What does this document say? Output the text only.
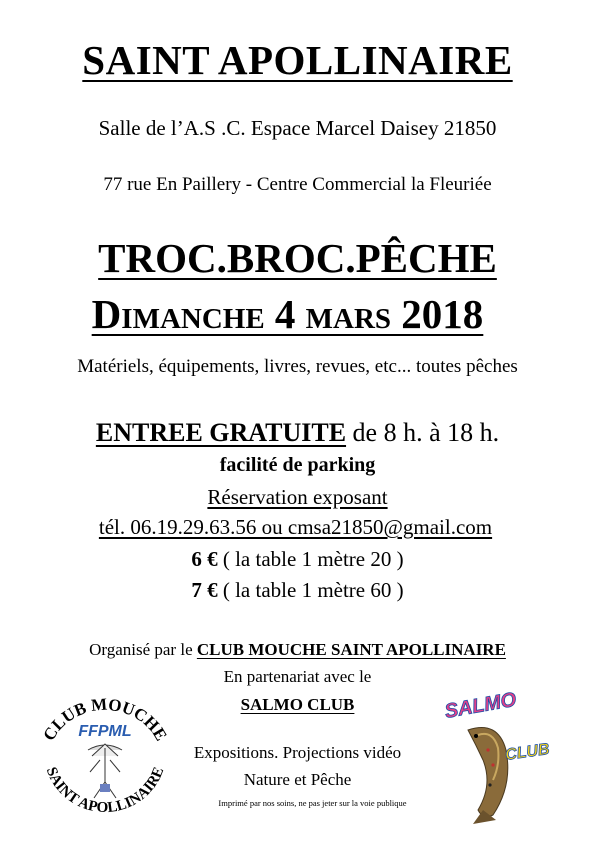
SAINT APOLLINAIRE
Salle de l’A.S .C. Espace Marcel Daisey 21850
77 rue En Paillery - Centre Commercial la Fleuriée
TROC.BROC.PÊCHE
Dimanche 4 mars 2018
Matériels, équipements, livres, revues, etc... toutes pêches
ENTREE GRATUITE de 8 h. à 18 h.
facilité de parking
Réservation exposant
tél. 06.19.29.63.56 ou cmsa21850@gmail.com
6 € ( la table 1 mètre 20 )
7 € ( la table 1 mètre 60 )
Organisé par le CLUB MOUCHE SAINT APOLLINAIRE
En partenariat avec le
SALMO CLUB
Expositions. Projections vidéo
Nature et Pêche
Imprimé par nos soins, ne pas jeter sur la voie publique
CLUB MOUCHE
SAINT APOLLINAIRE
FFPML
SALMO
CLUB
